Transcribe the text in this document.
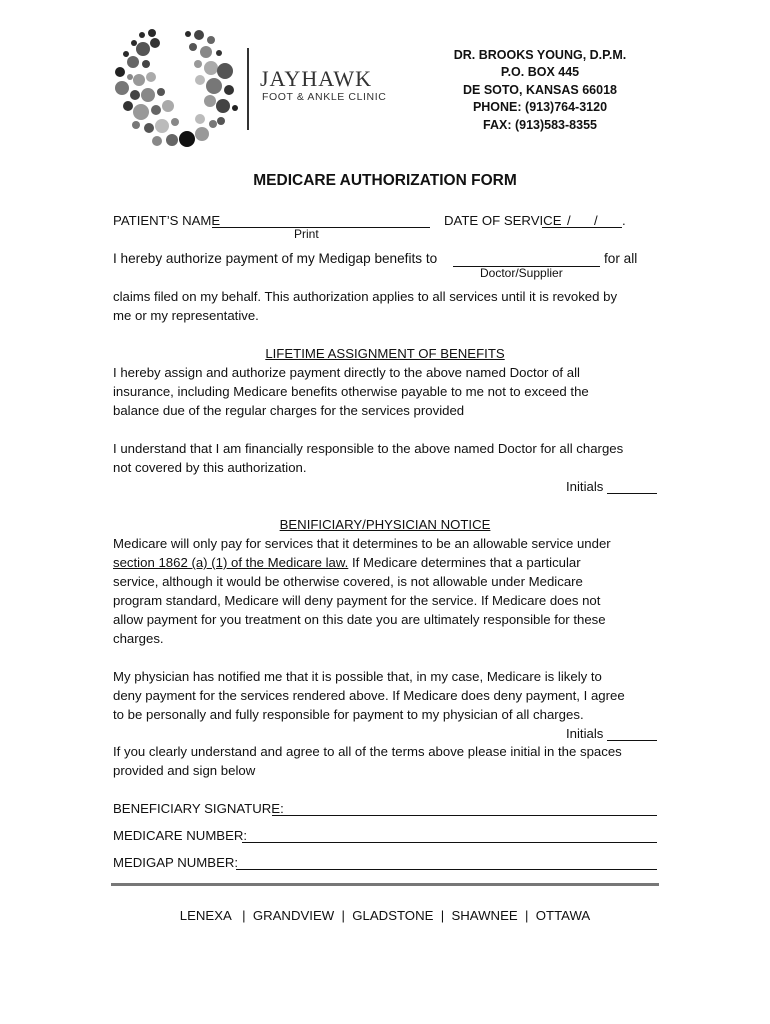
JAYHAWK
FOOT & ANKLE CLINIC
DR. BROOKS YOUNG, D.P.M.
P.O. BOX 445
DE SOTO, KANSAS 66018
PHONE: (913)764-3120
FAX: (913)583-8355
MEDICARE AUTHORIZATION FORM
PATIENT’S NAME
Print
DATE OF SERVICE / / .
I hereby authorize payment of my Medigap benefits to	for all
Doctor/Supplier
claims filed on my behalf. This authorization applies to all services until it is revoked by
me or my representative.
LIFETIME ASSIGNMENT OF BENEFITS
I hereby assign and authorize payment directly to the above named Doctor of all
insurance, including Medicare benefits otherwise payable to me not to exceed the
balance due of the regular charges for the services provided
I understand that I am financially responsible to the above named Doctor for all charges
not covered by this authorization.
Initials
BENIFICIARY/PHYSICIAN NOTICE
Medicare will only pay for services that it determines to be an allowable service under
section 1862 (a) (1) of the Medicare law. If Medicare determines that a particular
service, although it would be otherwise covered, is not allowable under Medicare
program standard, Medicare will deny payment for the service. If Medicare does not
allow payment for you treatment on this date you are ultimately responsible for these
charges.
My physician has notified me that it is possible that, in my case, Medicare is likely to
deny payment for the services rendered above. If Medicare does deny payment, I agree
to be personally and fully responsible for payment to my physician of all charges.
Initials
If you clearly understand and agree to all of the terms above please initial in the spaces
provided and sign below
BENEFICIARY SIGNATURE:
MEDICARE NUMBER:
MEDIGAP NUMBER:
LENEXA | GRANDVIEW | GLADSTONE | SHAWNEE | OTTAWA
